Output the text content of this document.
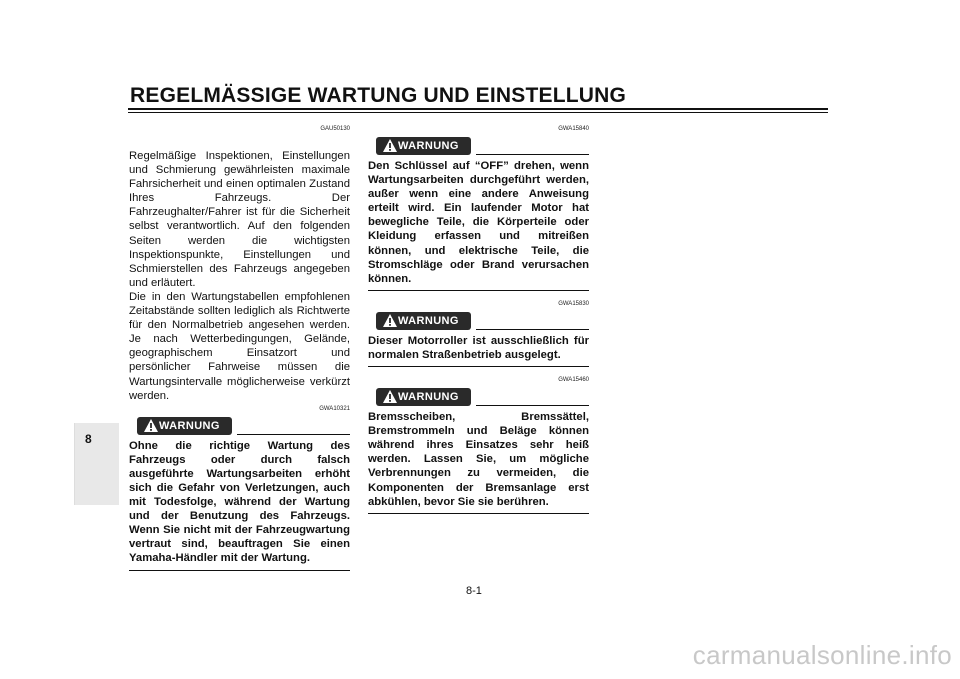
REGELMÄSSIGE WARTUNG UND EINSTELLUNG
8
GAU50130

Regelmäßige Inspektionen, Einstellungen und Schmierung gewährleisten maximale Fahrsicherheit und einen optimalen Zustand Ihres Fahrzeugs. Der Fahrzeughalter/Fahrer ist für die Sicherheit selbst verantwortlich. Auf den folgenden Seiten werden die wichtigsten Inspektionspunkte, Einstellungen und Schmierstellen des Fahrzeugs angegeben und erläutert.

Die in den Wartungstabellen empfohlenen Zeitabstände sollten lediglich als Richtwerte für den Normalbetrieb angesehen werden. Je nach Wetterbedingungen, Gelände, geographischem Einsatzort und persönlicher Fahrweise müssen die Wartungsintervalle möglicherweise verkürzt werden.

GWA10321
WARNUNG
Ohne die richtige Wartung des Fahrzeugs oder durch falsch ausgeführte Wartungsarbeiten erhöht sich die Gefahr von Verletzungen, auch mit Todesfolge, während der Wartung und der Benutzung des Fahrzeugs. Wenn Sie nicht mit der Fahrzeugwartung vertraut sind, beauftragen Sie einen Yamaha-Händler mit der Wartung.
GWA15840
WARNUNG
Den Schlüssel auf “OFF” drehen, wenn Wartungsarbeiten durchgeführt werden, außer wenn eine andere Anweisung erteilt wird. Ein laufender Motor hat bewegliche Teile, die Körperteile oder Kleidung erfassen und mitreißen können, und elektrische Teile, die Stromschläge oder Brand verursachen können.
GWA15830
WARNUNG
Dieser Motorroller ist ausschließlich für normalen Straßenbetrieb ausgelegt.
GWA15460
WARNUNG
Bremsscheiben, Bremssättel, Bremstrommeln und Beläge können während ihres Einsatzes sehr heiß werden. Lassen Sie, um mögliche Verbrennungen zu vermeiden, die Komponenten der Bremsanlage erst abkühlen, bevor Sie sie berühren.
8-1
carmanualsonline.info
